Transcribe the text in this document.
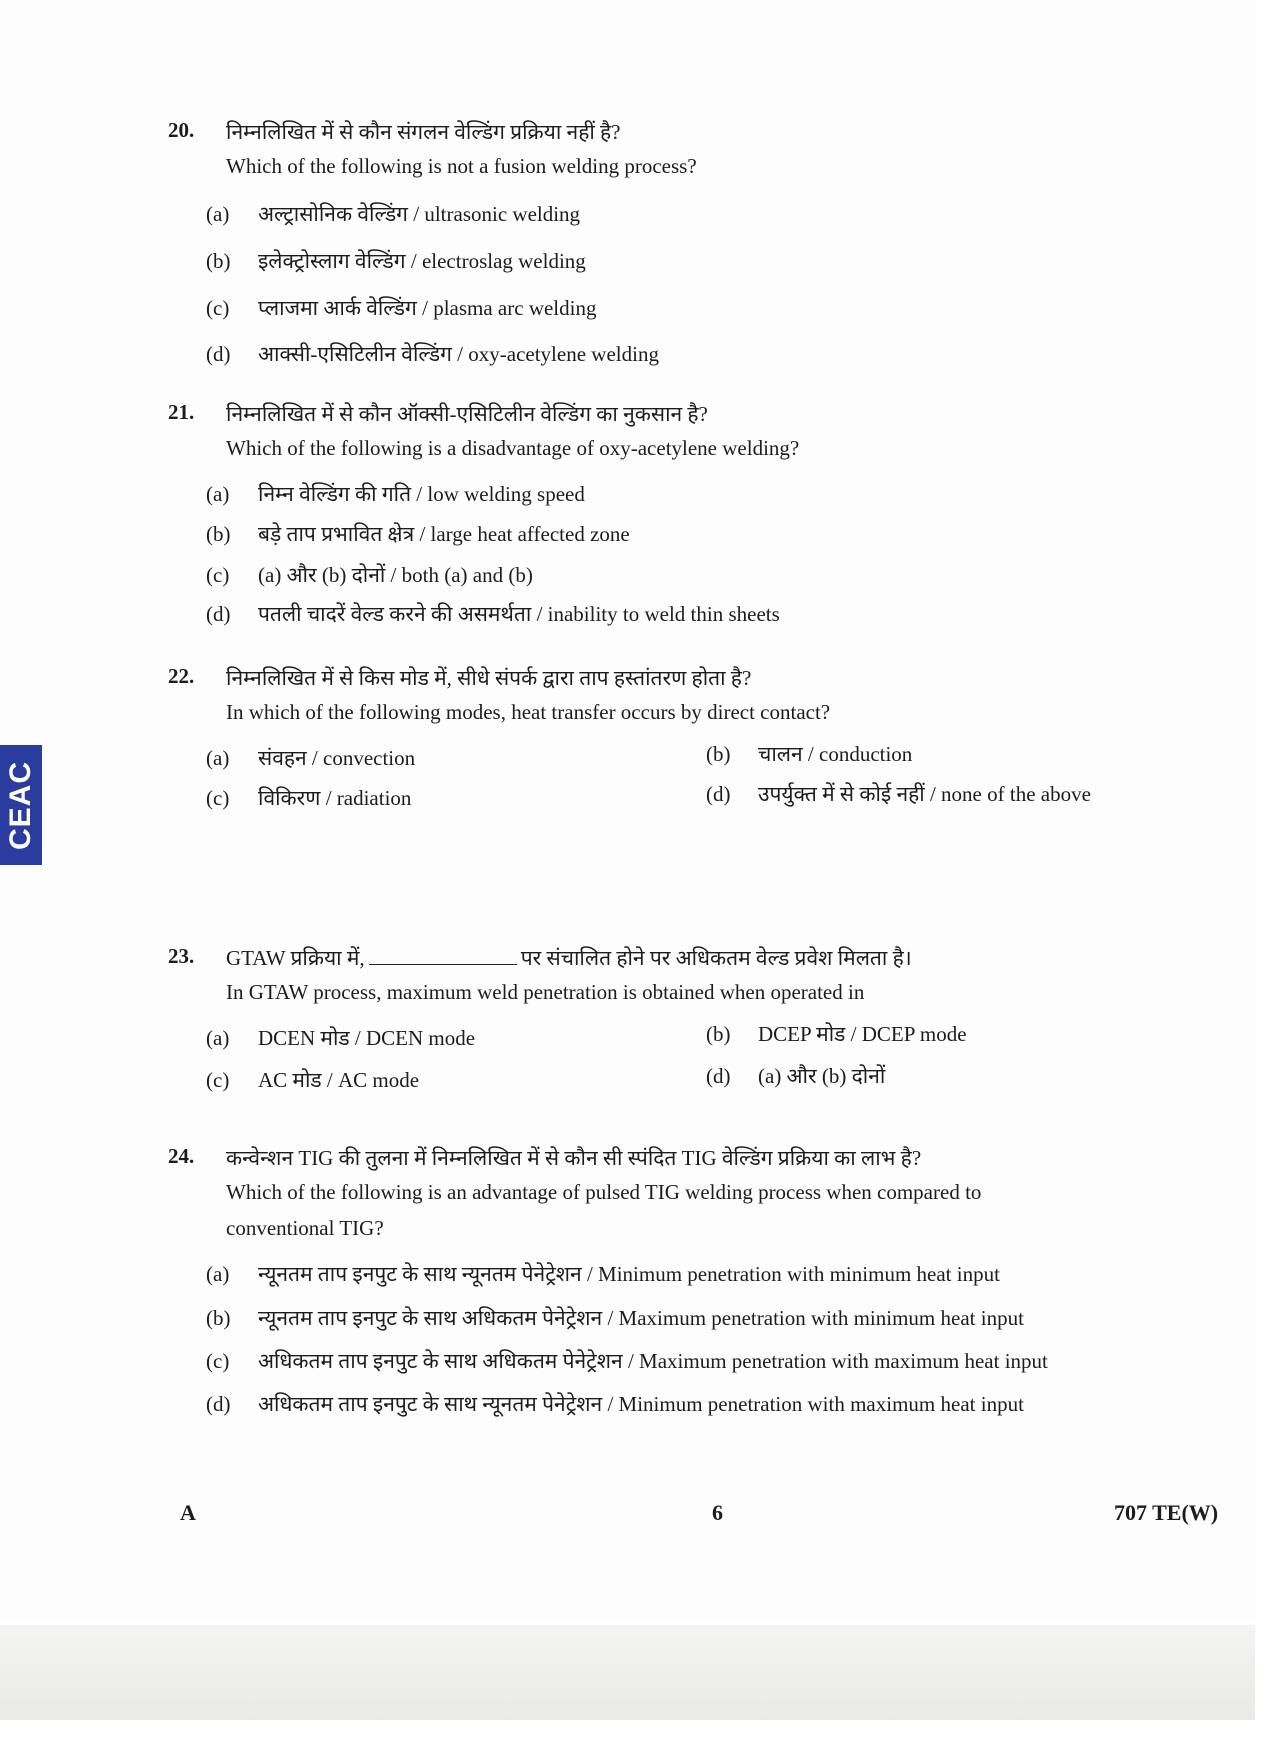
CEAC
20. निम्नलिखित में से कौन संगलन वेल्डिंग प्रक्रिया नहीं है?
Which of the following is not a fusion welding process?
(a) अल्ट्रासोनिक वेल्डिंग / ultrasonic welding
(b) इलेक्ट्रोस्लाग वेल्डिंग / electroslag welding
(c) प्लाजमा आर्क वेल्डिंग / plasma arc welding
(d) आक्सी-एसिटिलीन वेल्डिंग / oxy-acetylene welding
21. निम्नलिखित में से कौन ऑक्सी-एसिटिलीन वेल्डिंग का नुकसान है?
Which of the following is a disadvantage of oxy-acetylene welding?
(a) निम्न वेल्डिंग की गति / low welding speed
(b) बड़े ताप प्रभावित क्षेत्र / large heat affected zone
(c) (a) और (b) दोनों / both (a) and (b)
(d) पतली चादरें वेल्ड करने की असमर्थता / inability to weld thin sheets
22. निम्नलिखित में से किस मोड में, सीधे संपर्क द्वारा ताप हस्तांतरण होता है?
In which of the following modes, heat transfer occurs by direct contact?
(a) संवहन / convection	(b) चालन / conduction
(c) विकिरण / radiation	(d) उपर्युक्त में से कोई नहीं / none of the above
23. GTAW प्रक्रिया में,	पर संचालित होने पर अधिकतम वेल्ड प्रवेश मिलता है।
In GTAW process, maximum weld penetration is obtained when operated in
(a) DCEN मोड / DCEN mode	(b) DCEP मोड / DCEP mode
(c) AC मोड / AC mode	(d) (a) और (b) दोनों
24. कन्वेन्शन TIG की तुलना में निम्नलिखित में से कौन सी स्पंदित TIG वेल्डिंग प्रक्रिया का लाभ है?
Which of the following is an advantage of pulsed TIG welding process when compared to
conventional TIG?
(a) न्यूनतम ताप इनपुट के साथ न्यूनतम पेनेट्रेशन / Minimum penetration with minimum heat input
(b) न्यूनतम ताप इनपुट के साथ अधिकतम पेनेट्रेशन / Maximum penetration with minimum heat input
(c) अधिकतम ताप इनपुट के साथ अधिकतम पेनेट्रेशन / Maximum penetration with maximum heat input
(d) अधिकतम ताप इनपुट के साथ न्यूनतम पेनेट्रेशन / Minimum penetration with maximum heat input
A	6	707 TE(W)
